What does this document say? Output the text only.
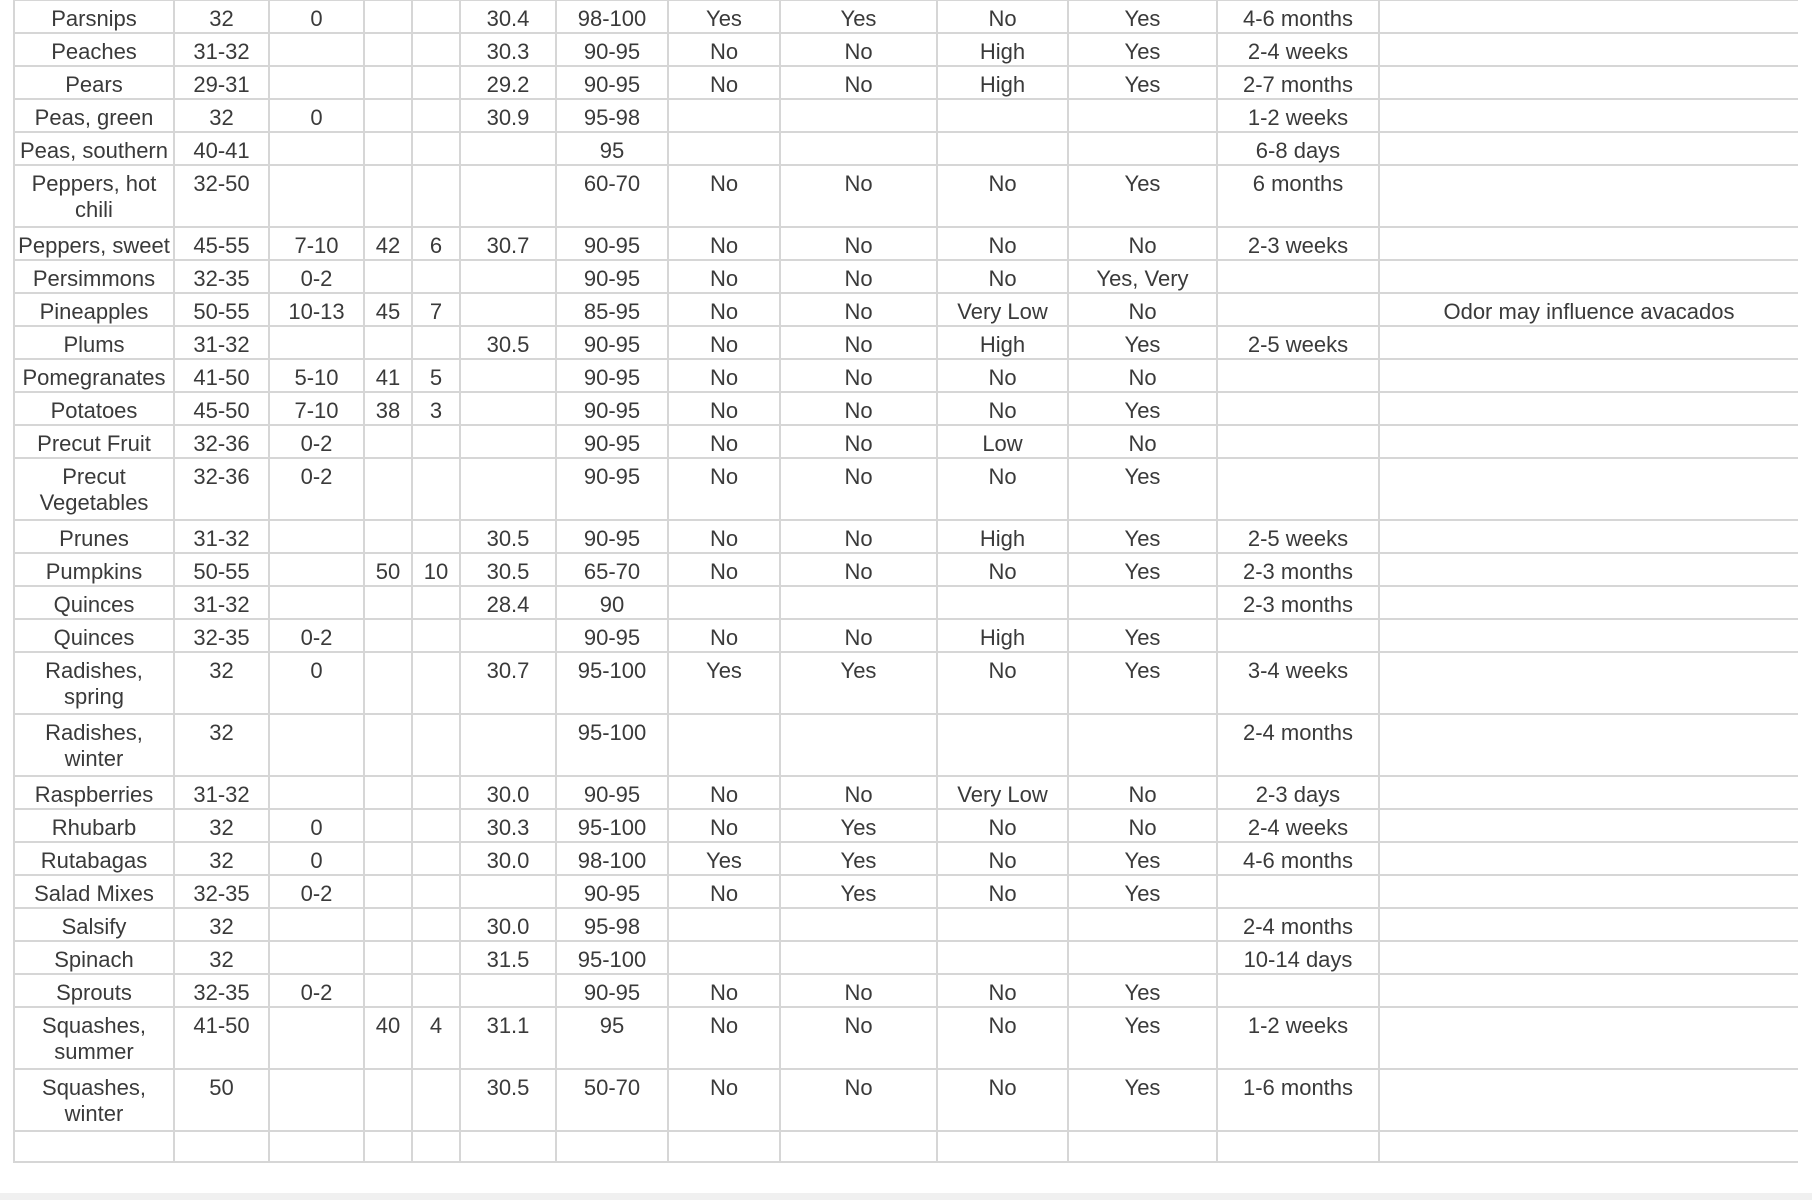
Parsnips	32	0			30.4	98-100	Yes	Yes	No	Yes	4-6 months	

Peaches	31-32				30.3	90-95	No	No	High	Yes	2-4 weeks	

Pears	29-31				29.2	90-95	No	No	High	Yes	2-7 months	

Peas, green	32	0			30.9	95-98					1-2 weeks	

Peas, southern	40-41					95					6-8 days	

Peppers, hot chili	32-50					60-70	No	No	No	Yes	6 months	

Peppers, sweet	45-55	7-10	42	6	30.7	90-95	No	No	No	No	2-3 weeks	

Persimmons	32-35	0-2				90-95	No	No	No	Yes, Very		

Pineapples	50-55	10-13	45	7		85-95	No	No	Very Low	No		Odor may influence avacados

Plums	31-32				30.5	90-95	No	No	High	Yes	2-5 weeks	

Pomegranates	41-50	5-10	41	5		90-95	No	No	No	No		

Potatoes	45-50	7-10	38	3		90-95	No	No	No	Yes		

Precut Fruit	32-36	0-2				90-95	No	No	Low	No		

Precut Vegetables	32-36	0-2				90-95	No	No	No	Yes		

Prunes	31-32				30.5	90-95	No	No	High	Yes	2-5 weeks	

Pumpkins	50-55		50	10	30.5	65-70	No	No	No	Yes	2-3 months	

Quinces	31-32				28.4	90					2-3 months	

Quinces	32-35	0-2				90-95	No	No	High	Yes		

Radishes, spring	32	0			30.7	95-100	Yes	Yes	No	Yes	3-4 weeks	

Radishes, winter	32					95-100					2-4 months	

Raspberries	31-32				30.0	90-95	No	No	Very Low	No	2-3 days	

Rhubarb	32	0			30.3	95-100	No	Yes	No	No	2-4 weeks	

Rutabagas	32	0			30.0	98-100	Yes	Yes	No	Yes	4-6 months	

Salad Mixes	32-35	0-2				90-95	No	Yes	No	Yes		

Salsify	32				30.0	95-98					2-4 months	

Spinach	32				31.5	95-100					10-14 days	

Sprouts	32-35	0-2				90-95	No	No	No	Yes		

Squashes, summer	41-50		40	4	31.1	95	No	No	No	Yes	1-2 weeks	

Squashes, winter	50				30.5	50-70	No	No	No	Yes	1-6 months	
